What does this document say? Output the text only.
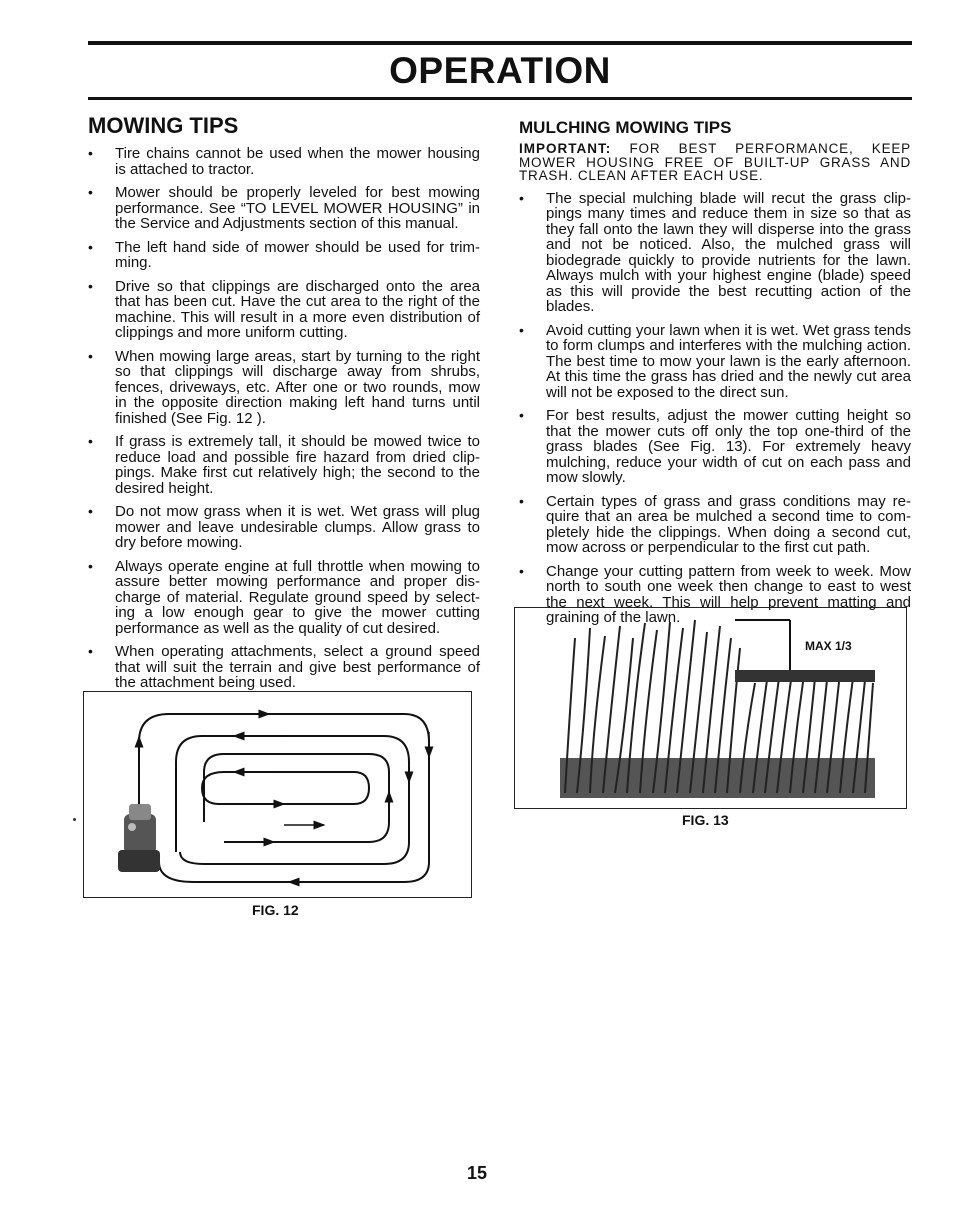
OPERATION
MOWING TIPS
• Tire chains cannot be used when the mower housing is attached to tractor.
• Mower should be properly leveled for best mowing performance. See “TO LEVEL MOWER HOUSING” in the Service and Adjustments section of this manual.
• The left hand side of mower should be used for trim-ming.
• Drive so that clippings are discharged onto the area that has been cut. Have the cut area to the right of the machine. This will result in a more even distribution of clippings and more uniform cutting.
• When mowing large areas, start by turning to the right so that clippings will discharge away from shrubs, fences, driveways, etc. After one or two rounds, mow in the opposite direction making left hand turns until finished (See Fig. 12 ).
• If grass is extremely tall, it should be mowed twice to reduce load and possible fire hazard from dried clip-pings. Make first cut relatively high; the second to the desired height.
• Do not mow grass when it is wet. Wet grass will plug mower and leave undesirable clumps. Allow grass to dry before mowing.
• Always operate engine at full throttle when mowing to assure better mowing performance and proper dis-charge of material. Regulate ground speed by select-ing a low enough gear to give the mower cutting performance as well as the quality of cut desired.
• When operating attachments, select a ground speed that will suit the terrain and give best performance of the attachment being used.
MULCHING MOWING TIPS
IMPORTANT: FOR BEST PERFORMANCE, KEEP MOWER HOUSING FREE OF BUILT-UP GRASS AND TRASH. CLEAN AFTER EACH USE.
• The special mulching blade will recut the grass clip-pings many times and reduce them in size so that as they fall onto the lawn they will disperse into the grass and not be noticed. Also, the mulched grass will biodegrade quickly to provide nutrients for the lawn. Always mulch with your highest engine (blade) speed as this will provide the best recutting action of the blades.
• Avoid cutting your lawn when it is wet. Wet grass tends to form clumps and interferes with the mulching action. The best time to mow your lawn is the early afternoon. At this time the grass has dried and the newly cut area will not be exposed to the direct sun.
• For best results, adjust the mower cutting height so that the mower cuts off only the top one-third of the grass blades (See Fig. 13). For extremely heavy mulching, reduce your width of cut on each pass and mow slowly.
• Certain types of grass and grass conditions may re-quire that an area be mulched a second time to com-pletely hide the clippings. When doing a second cut, mow across or perpendicular to the first cut path.
• Change your cutting pattern from week to week. Mow north to south one week then change to east to west the next week. This will help prevent matting and graining of the lawn.
FIG. 12
MAX 1/3
FIG. 13
15
